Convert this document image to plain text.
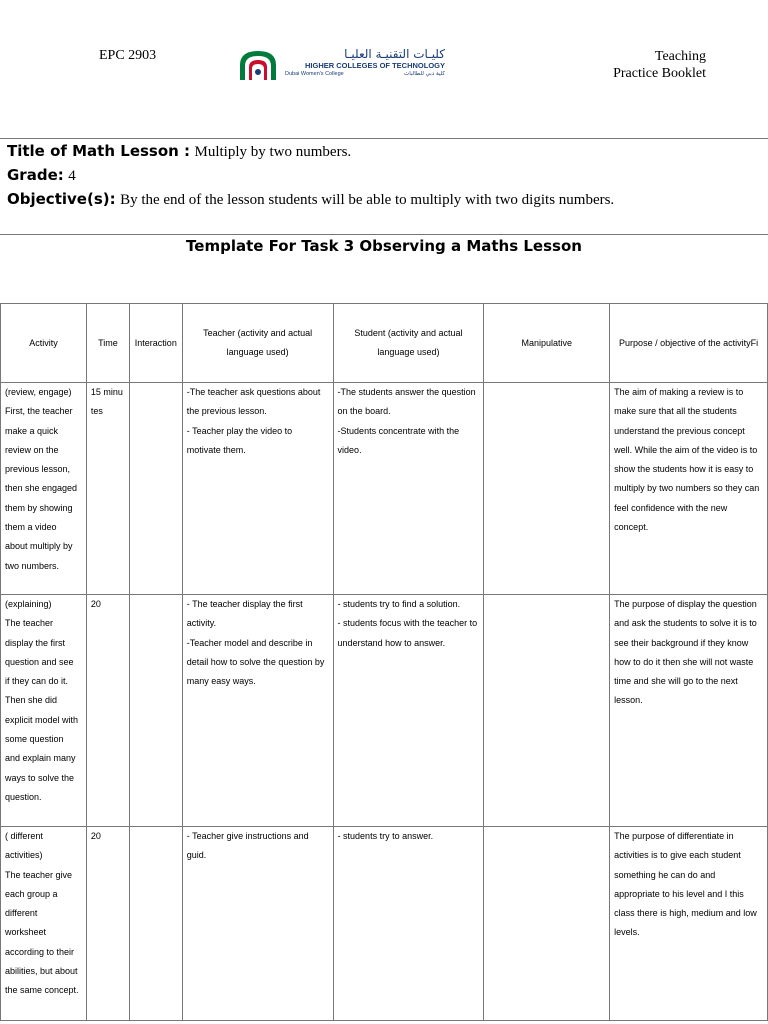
EPC 2903	كليـات التقنيـة العليـا
HIGHER COLLEGES OF TECHNOLOGY
Dubai Women's College	كلية دبي للطالبات
Teaching
Practice Booklet
Title of Math Lesson : Multiply by two numbers.
Grade: 4
Objective(s): By the end of the lesson students will be able to multiply with two digits numbers.
Template For Task 3 Observing a Maths Lesson
Activity	Time	Interaction	Teacher (activity and actual language used)	Student (activity and actual language used)	Manipulative	Purpose / objective of the activityFi
(review, engage) First, the teacher make a quick review on the previous lesson, then she engaged them by showing them a video about multiply by two numbers.	15 minutes		-The teacher ask questions about the previous lesson.
- Teacher play the video to motivate them.	-The students answer the question on the board.
-Students concentrate with the video.		The aim of making a review is to make sure that all the students understand the previous concept well. While the aim of the video is to show the students how it is easy to multiply by two numbers so they can feel confidence with the new concept.
(explaining)
The teacher display the first question and see if they can do it. Then she did explicit model with some question and explain many ways to solve the question.	20		- The teacher display the first activity.
-Teacher model and describe in detail how to solve the question by many easy ways.	- students try to find a solution.
- students focus with the teacher to understand how to answer.		The purpose of display the question and ask the students to solve it is to see their background if they know how to do it then she will not waste time and she will go to the next lesson.
( different activities)
The teacher give each group a different worksheet according to their abilities, but about the same concept.	20		- Teacher give instructions and guid.	- students try to answer.		The purpose of differentiate in activities is to give each student something he can do and appropriate to his level and I this class there is high, medium and low levels.
